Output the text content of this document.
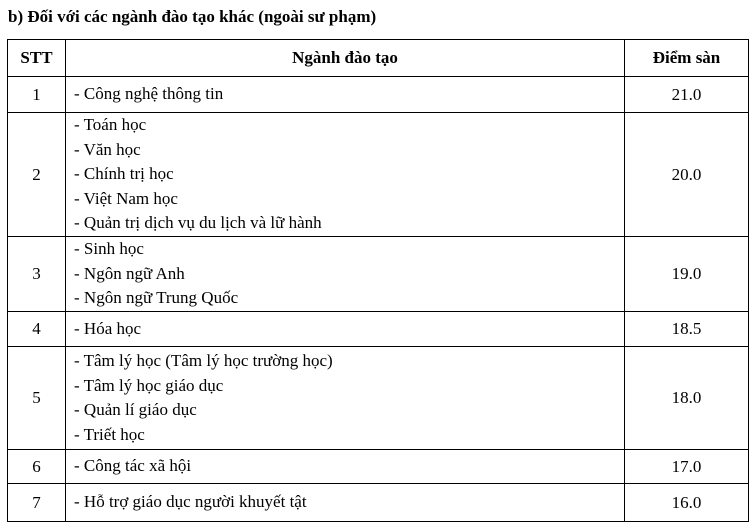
b) Đối với các ngành đào tạo khác (ngoài sư phạm)
STT	Ngành đào tạo	Điểm sàn
1	- Công nghệ thông tin	21.0
2	- Toán học
- Văn học
- Chính trị học
- Việt Nam học
- Quản trị dịch vụ du lịch và lữ hành	20.0
3	- Sinh học
- Ngôn ngữ Anh
- Ngôn ngữ Trung Quốc	19.0
4	- Hóa học	18.5
5	- Tâm lý học (Tâm lý học trường học)
- Tâm lý học giáo dục
- Quản lí giáo dục
- Triết học	18.0
6	- Công tác xã hội	17.0
7	- Hỗ trợ giáo dục người khuyết tật	16.0
